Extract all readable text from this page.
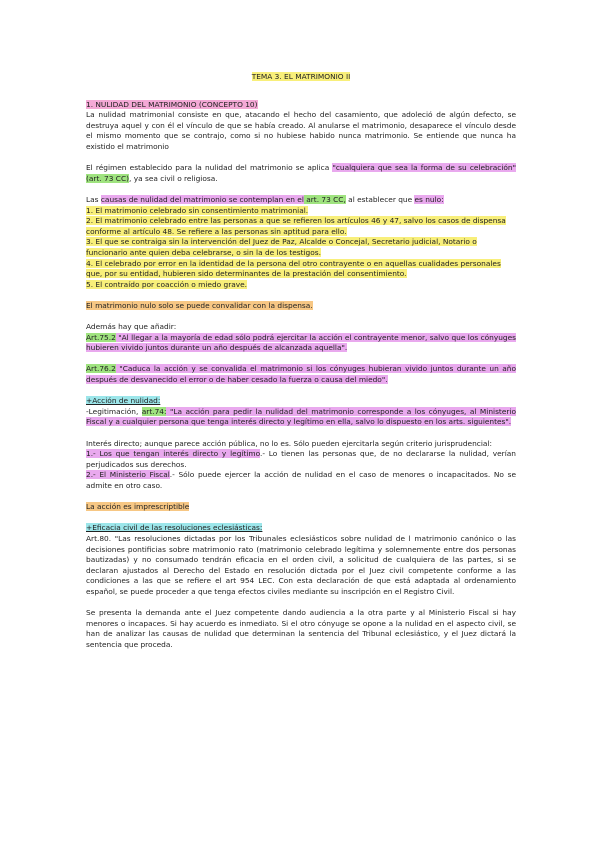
TEMA 3. EL MATRIMONIO II

1. NULIDAD DEL MATRIMONIO (CONCEPTO 10)

La nulidad matrimonial consiste en que, atacando el hecho del casamiento, que adoleció de algún defecto, se destruya aquel y con él el vínculo de que se había creado. Al anularse el matrimonio, desaparece el vínculo desde el mismo momento que se contrajo, como si no hubiese habido nunca matrimonio. Se entiende que nunca ha existido el matrimonio

El régimen establecido para la nulidad del matrimonio se aplica "cualquiera que sea la forma de su celebración" (art. 73 CC), ya sea civil o religiosa.

Las causas de nulidad del matrimonio se contemplan en el art. 73 CC, al establecer que es nulo:

1. El matrimonio celebrado sin consentimiento matrimonial.

2. El matrimonio celebrado entre las personas a que se refieren los artículos 46 y 47, salvo los casos de dispensa conforme al artículo 48. Se refiere a las personas sin aptitud para ello.

3. El que se contraiga sin la intervención del Juez de Paz, Alcalde o Concejal, Secretario judicial, Notario o funcionario ante quien deba celebrarse, o sin la de los testigos.

4. El celebrado por error en la identidad de la persona del otro contrayente o en aquellas cualidades personales que, por su entidad, hubieren sido determinantes de la prestación del consentimiento.

5. El contraído por coacción o miedo grave.

El matrimonio nulo solo se puede convalidar con la dispensa.

Además hay que añadir:

Art.75.2 "Al llegar a la mayoría de edad sólo podrá ejercitar la acción el contrayente menor, salvo que los cónyuges hubieren vivido juntos durante un año después de alcanzada aquella".

Art.76.2 "Caduca la acción y se convalida el matrimonio si los cónyuges hubieran vivido juntos durante un año después de desvanecido el error o de haber cesado la fuerza o causa del miedo".

+Acción de nulidad:

-Legitimación, art.74: "La acción para pedir la nulidad del matrimonio corresponde a los cónyuges, al Ministerio Fiscal y a cualquier persona que tenga interés directo y legítimo en ella, salvo lo dispuesto en los arts. siguientes".

Interés directo; aunque parece acción pública, no lo es. Sólo pueden ejercitarla según criterio jurisprudencial:

1.- Los que tengan interés directo y legítimo.- Lo tienen las personas que, de no declararse la nulidad, verían perjudicados sus derechos.

2.- El Ministerio Fiscal.- Sólo puede ejercer la acción de nulidad en el caso de menores o incapacitados. No se admite en otro caso.

La acción es imprescriptible

+Eficacia civil de las resoluciones eclesiásticas:

Art.80. "Las resoluciones dictadas por los Tribunales eclesiásticos sobre nulidad de l matrimonio canónico o las decisiones pontificias sobre matrimonio rato (matrimonio celebrado legítima y solemnemente entre dos personas bautizadas) y no consumado tendrán eficacia en el orden civil, a solicitud de cualquiera de las partes, si se declaran ajustados al Derecho del Estado en resolución dictada por el Juez civil competente conforme a las condiciones a las que se refiere el art 954 LEC. Con esta declaración de que está adaptada al ordenamiento español, se puede proceder a que tenga efectos civiles mediante su inscripción en el Registro Civil.

Se presenta la demanda ante el Juez competente dando audiencia a la otra parte y al Ministerio Fiscal si hay menores o incapaces. Si hay acuerdo es inmediato. Si el otro cónyuge se opone a la nulidad en el aspecto civil, se han de analizar las causas de nulidad que determinan la sentencia del Tribunal eclesiástico, y el Juez dictará la sentencia que proceda.
